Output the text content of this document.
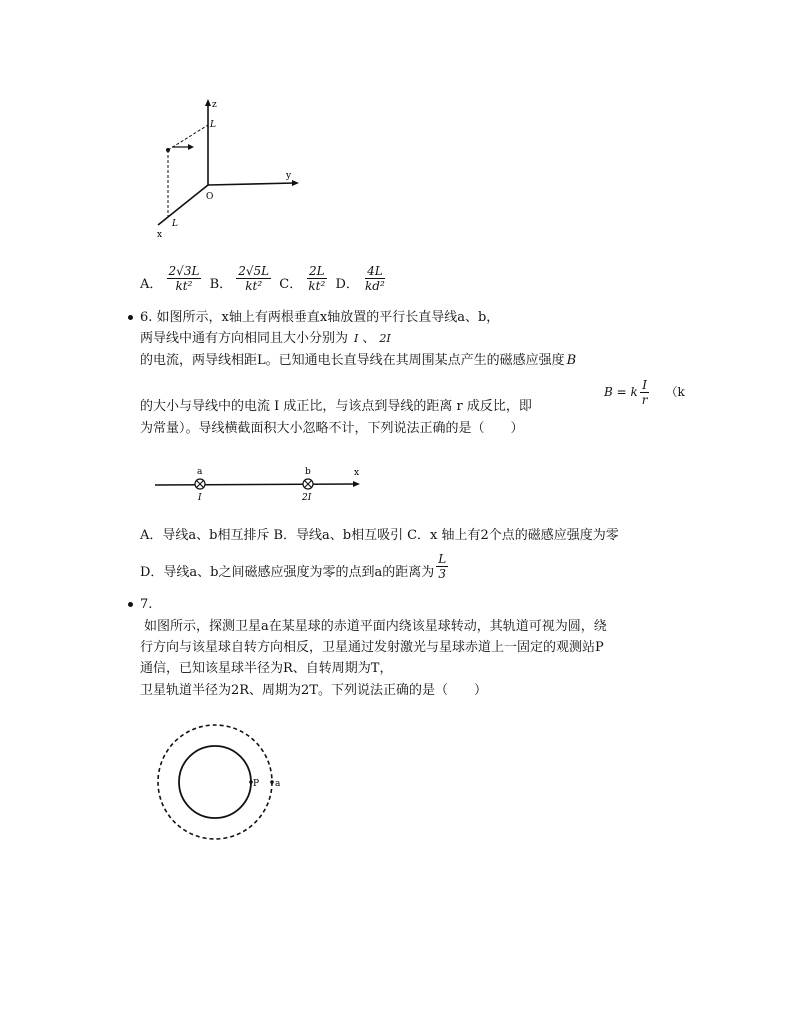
z
L
y
O
x
L
A． $\frac{2√3L}{\text{kt²}}$ B． $\frac{2√5L}{\text{kt²}}$ C． $\frac{2L}{\text{kt²}}$ D． $\frac{4L}{\text{kd²}}$
6. 如图所示，x轴上有两根垂直x轴放置的平行长直导线a、b，
两导线中通有方向相同且大小分别为 I 、 2I
的电流，两导线相距L。已知通电长直导线在其周围某点产生的磁感应强度 B
的大小与导线中的电流 I 成正比，与该点到导线的距离 r 成反比，即
B = k $\frac{I}{r} (k$
为常量）。导线横截面积大小忽略不计，下列说法正确的是（　　）
a	b	x
I	2I
A．导线a、b相互排斥 B．导线a、b相互吸引 C．x 轴上有2个点的磁感应强度为零
D．导线a、b之间磁感应强度为零的点到a的距离为 $\frac{L}{3}$
7.
如图所示，探测卫星a在某星球的赤道平面内绕该星球转动，其轨道可视为圆，绕
行方向与该星球自转方向相反，卫星通过发射激光与星球赤道上一固定的观测站P
通信，已知该星球半径为R、自转周期为T，
卫星轨道半径为2R、周期为2T。下列说法正确的是（　　）
P a
